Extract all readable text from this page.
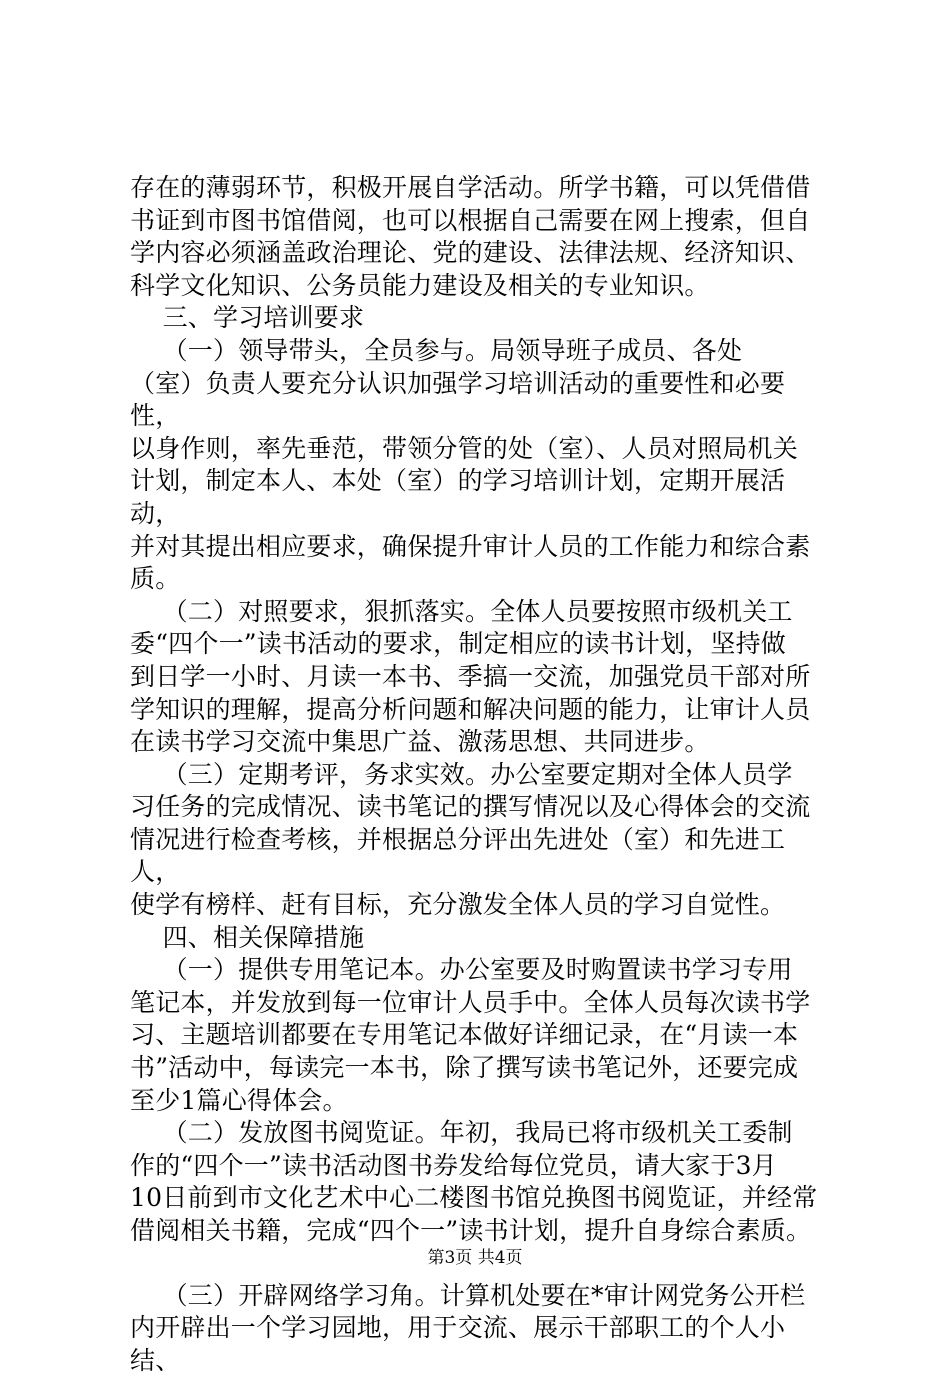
存在的薄弱环节，积极开展自学活动。所学书籍，可以凭借借

书证到市图书馆借阅，也可以根据自己需要在网上搜索，但自

学内容必须涵盖政治理论、党的建设、法律法规、经济知识、

科学文化知识、公务员能力建设及相关的专业知识。

三、学习培训要求

（一）领导带头，全员参与。局领导班子成员、各处

（室）负责人要充分认识加强学习培训活动的重要性和必要性，

以身作则，率先垂范，带领分管的处（室）、人员对照局机关

计划，制定本人、本处（室）的学习培训计划，定期开展活动，

并对其提出相应要求，确保提升审计人员的工作能力和综合素

质。

（二）对照要求，狠抓落实。全体人员要按照市级机关工

委“四个一”读书活动的要求，制定相应的读书计划，坚持做

到日学一小时、月读一本书、季搞一交流，加强党员干部对所

学知识的理解，提高分析问题和解决问题的能力，让审计人员

在读书学习交流中集思广益、激荡思想、共同进步。

（三）定期考评，务求实效。办公室要定期对全体人员学

习任务的完成情况、读书笔记的撰写情况以及心得体会的交流

情况进行检查考核，并根据总分评出先进处（室）和先进工人，

使学有榜样、赶有目标，充分激发全体人员的学习自觉性。

四、相关保障措施

（一）提供专用笔记本。办公室要及时购置读书学习专用

笔记本，并发放到每一位审计人员手中。全体人员每次读书学

习、主题培训都要在专用笔记本做好详细记录，在“月读一本

书”活动中，每读完一本书，除了撰写读书笔记外，还要完成

至少1篇心得体会。

（二）发放图书阅览证。年初，我局已将市级机关工委制

作的“四个一”读书活动图书券发给每位党员，请大家于3月

10日前到市文化艺术中心二楼图书馆兑换图书阅览证，并经常

借阅相关书籍，完成“四个一”读书计划，提升自身综合素质。

（三）开辟网络学习角。计算机处要在*审计网党务公开栏

内开辟出一个学习园地，用于交流、展示干部职工的个人小结、

第3页 共4页
